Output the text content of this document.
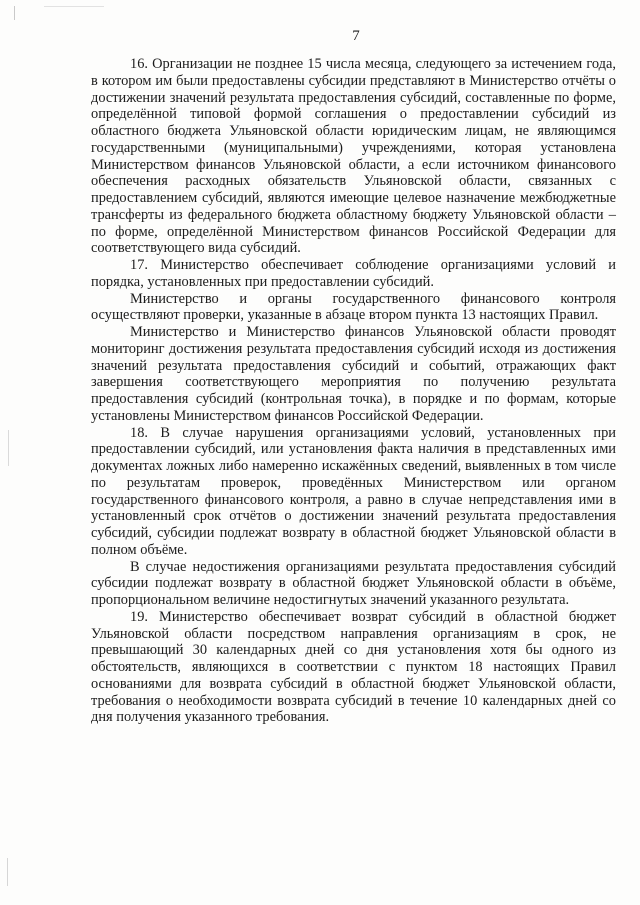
7

16. Организации не позднее 15 числа месяца, следующего за истечением года, в котором им были предоставлены субсидии представляют в Министерство отчёты о достижении значений результата предоставления субсидий, составленные по форме, определённой типовой формой соглашения о предоставлении субсидий из областного бюджета Ульяновской области юридическим лицам, не являющимся государственными (муниципальными) учреждениями, которая установлена Министерством финансов Ульяновской области, а если источником финансового обеспечения расходных обязательств Ульяновской области, связанных с предоставлением субсидий, являются имеющие целевое назначение межбюджетные трансферты из федерального бюджета областному бюджету Ульяновской области – по форме, определённой Министерством финансов Российской Федерации для соответствующего вида субсидий.

17. Министерство обеспечивает соблюдение организациями условий и порядка, установленных при предоставлении субсидий.

Министерство и органы государственного финансового контроля осуществляют проверки, указанные в абзаце втором пункта 13 настоящих Правил.

Министерство и Министерство финансов Ульяновской области проводят мониторинг достижения результата предоставления субсидий исходя из достижения значений результата предоставления субсидий и событий, отражающих факт завершения соответствующего мероприятия по получению результата предоставления субсидий (контрольная точка), в порядке и по формам, которые установлены Министерством финансов Российской Федерации.

18. В случае нарушения организациями условий, установленных при предоставлении субсидий, или установления факта наличия в представленных ими документах ложных либо намеренно искажённых сведений, выявленных в том числе по результатам проверок, проведённых Министерством или органом государственного финансового контроля, а равно в случае непредставления ими в установленный срок отчётов о достижении значений результата предоставления субсидий, субсидии подлежат возврату в областной бюджет Ульяновской области в полном объёме.

В случае недостижения организациями результата предоставления субсидий субсидии подлежат возврату в областной бюджет Ульяновской области в объёме, пропорциональном величине недостигнутых значений указанного результата.

19. Министерство обеспечивает возврат субсидий в областной бюджет Ульяновской области посредством направления организациям в срок, не превышающий 30 календарных дней со дня установления хотя бы одного из обстоятельств, являющихся в соответствии с пунктом 18 настоящих Правил основаниями для возврата субсидий в областной бюджет Ульяновской области, требования о необходимости возврата субсидий в течение 10 календарных дней со дня получения указанного требования.
